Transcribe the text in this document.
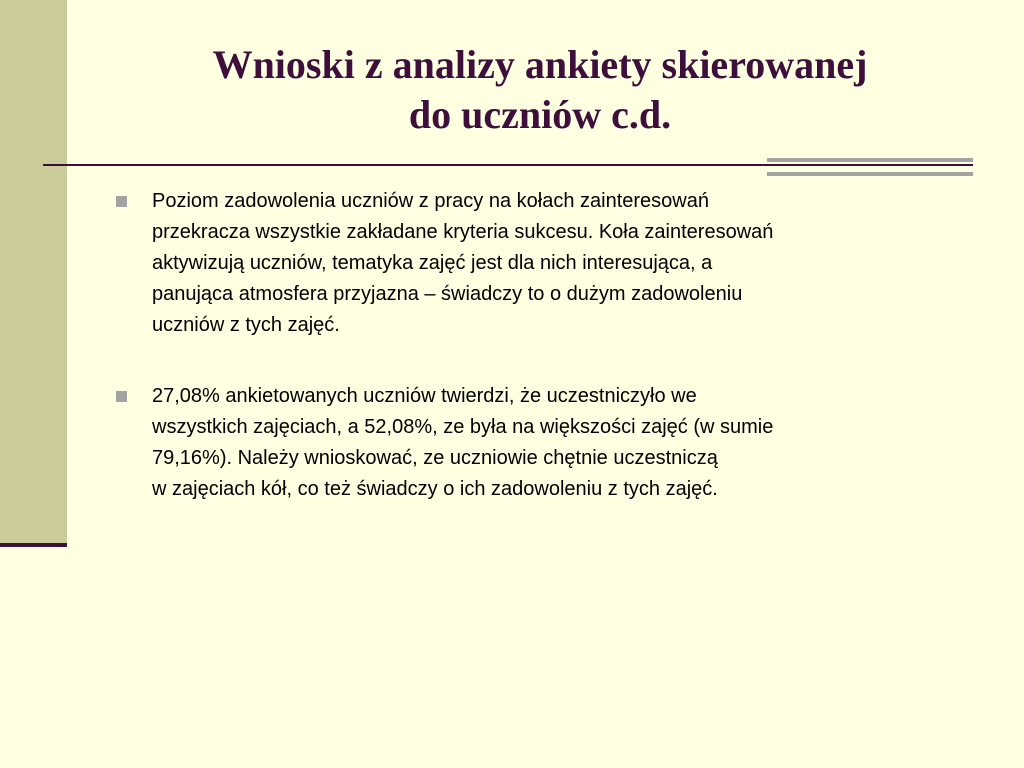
Wnioski z analizy ankiety skierowanej
do uczniów c.d.
Poziom zadowolenia uczniów z pracy na kołach zainteresowań
przekracza wszystkie zakładane kryteria sukcesu. Koła zainteresowań
aktywizują uczniów, tematyka zajęć jest dla nich interesująca, a
panująca atmosfera przyjazna – świadczy to o dużym zadowoleniu
uczniów z tych zajęć.
27,08% ankietowanych uczniów twierdzi, że uczestniczyło we
wszystkich zajęciach, a 52,08%, ze była na większości zajęć (w sumie
79,16%). Należy wnioskować, ze uczniowie chętnie uczestniczą
w zajęciach kół, co też świadczy o ich zadowoleniu z tych zajęć.
